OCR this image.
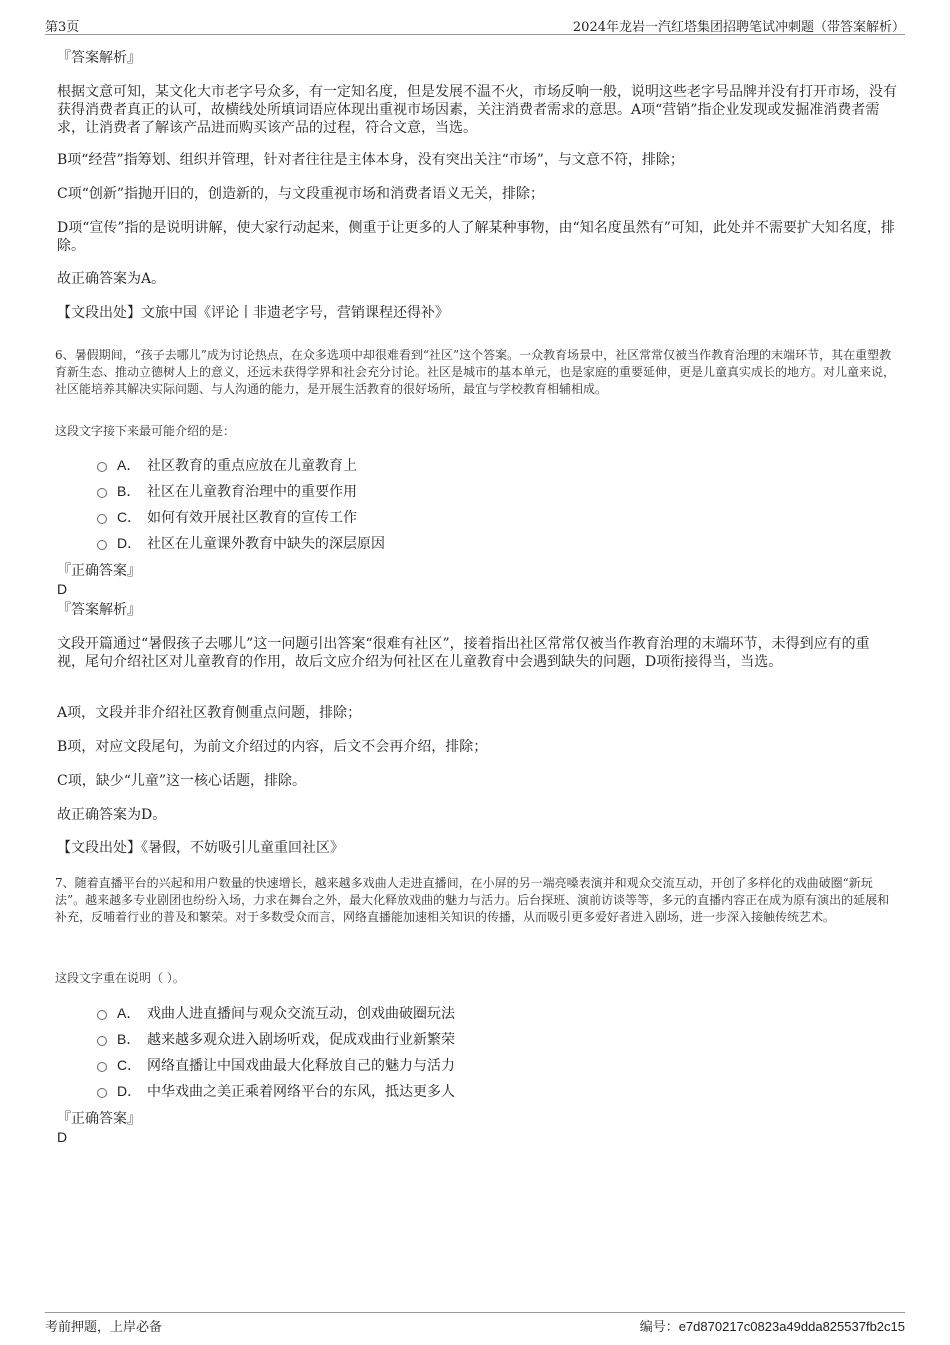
第3页	2024年龙岩一汽红塔集团招聘笔试冲刺题（带答案解析）
『答案解析』
根据文意可知，某文化大市老字号众多，有一定知名度，但是发展不温不火，市场反响一般，说明这些老字号品牌并没有打开市场，没有获得消费者真正的认可，故横线处所填词语应体现出重视市场因素，关注消费者需求的意思。A项“营销”指企业发现或发掘准消费者需求，让消费者了解该产品进而购买该产品的过程，符合文意，当选。
B项“经营”指筹划、组织并管理，针对者往往是主体本身，没有突出关注“市场”，与文意不符，排除；
C项“创新”指抛开旧的，创造新的，与文段重视市场和消费者语义无关，排除；
D项“宣传”指的是说明讲解，使大家行动起来，侧重于让更多的人了解某种事物，由“知名度虽然有”可知，此处并不需要扩大知名度，排除。
故正确答案为A。
【文段出处】文旅中国《评论丨非遗老字号，营销课程还得补》
6、暑假期间，“孩子去哪儿”成为讨论热点，在众多选项中却很难看到“社区”这个答案。一众教育场景中，社区常常仅被当作教育治理的末端环节，其在重塑教育新生态、推动立德树人上的意义，还远未获得学界和社会充分讨论。社区是城市的基本单元，也是家庭的重要延伸，更是儿童真实成长的地方。对儿童来说，社区能培养其解决实际问题、与人沟通的能力，是开展生活教育的很好场所，最宜与学校教育相辅相成。
这段文字接下来最可能介绍的是：
A． 社区教育的重点应放在儿童教育上
B． 社区在儿童教育治理中的重要作用
C． 如何有效开展社区教育的宣传工作
D． 社区在儿童课外教育中缺失的深层原因
『正确答案』
D
『答案解析』
文段开篇通过“暑假孩子去哪儿”这一问题引出答案“很难有社区”，接着指出社区常常仅被当作教育治理的末端环节，未得到应有的重视，尾句介绍社区对儿童教育的作用，故后文应介绍为何社区在儿童教育中会遇到缺失的问题，D项衔接得当，当选。
A项，文段并非介绍社区教育侧重点问题，排除；
B项，对应文段尾句，为前文介绍过的内容，后文不会再介绍，排除；
C项，缺少“儿童”这一核心话题，排除。
故正确答案为D。
【文段出处】《暑假，不妨吸引儿童重回社区》
7、随着直播平台的兴起和用户数量的快速增长，越来越多戏曲人走进直播间，在小屏的另一端亮嗓表演并和观众交流互动，开创了多样化的戏曲破圈“新玩法”。越来越多专业剧团也纷纷入场，力求在舞台之外，最大化释放戏曲的魅力与活力。后台探班、演前访谈等等，多元的直播内容正在成为原有演出的延展和补充，反哺着行业的普及和繁荣。对于多数受众而言，网络直播能加速相关知识的传播，从而吸引更多爱好者进入剧场，进一步深入接触传统艺术。
这段文字重在说明（ ）。
A． 戏曲人进直播间与观众交流互动，创戏曲破圈玩法
B． 越来越多观众进入剧场听戏，促成戏曲行业新繁荣
C． 网络直播让中国戏曲最大化释放自己的魅力与活力
D． 中华戏曲之美正乘着网络平台的东风，抵达更多人
『正确答案』
D
考前押题，上岸必备	编号：e7d870217c0823a49dda825537fb2c15
